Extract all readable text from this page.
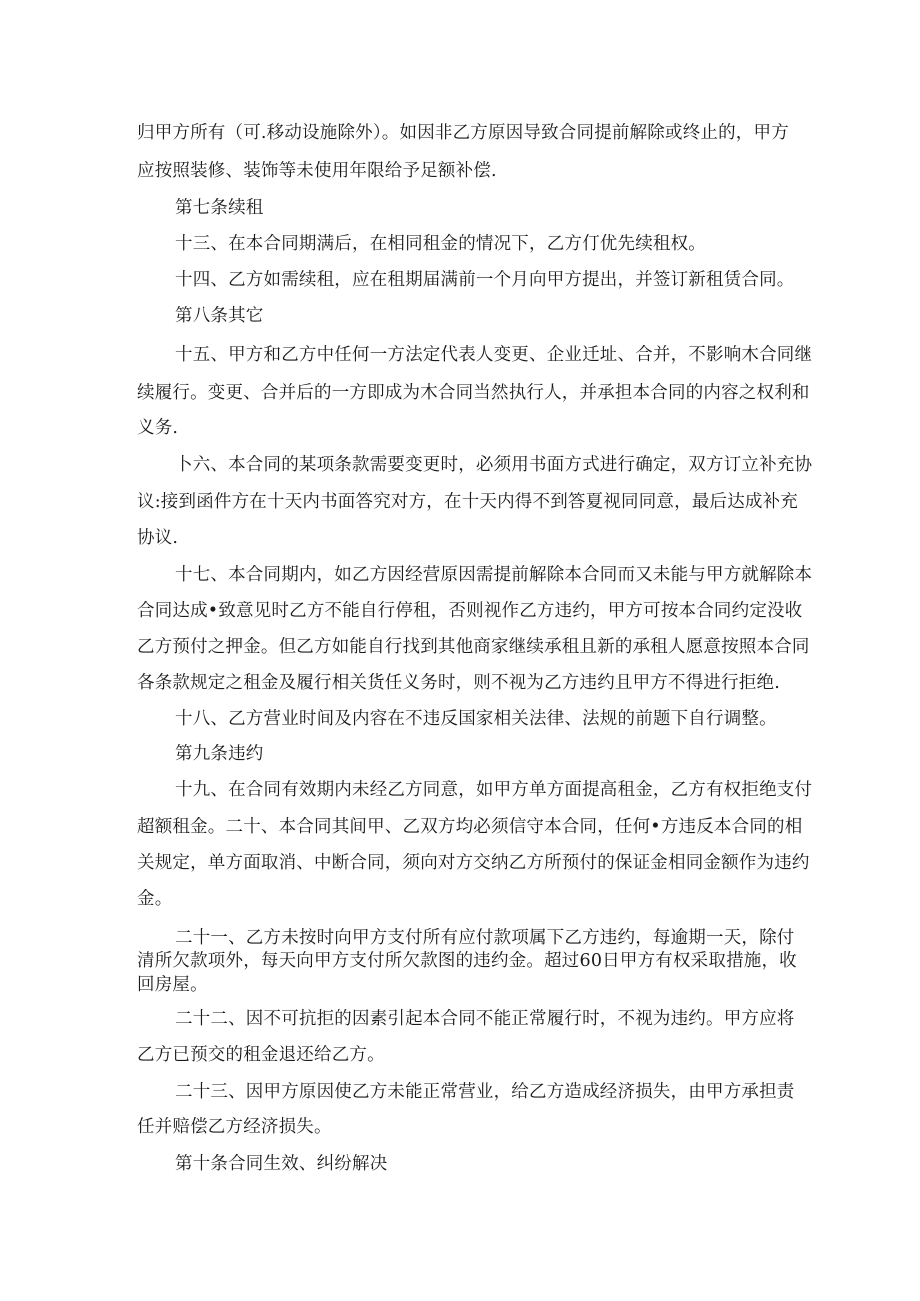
归甲方所有（可.移动设施除外）。如因非乙方原因导致合同提前解除或终止的，甲方

应按照装修、装饰等未使用年限给予足额补偿.

第七条续租

十三、在本合同期满后，在相同租金的情况下，乙方仃优先续租权。

十四、乙方如需续租，应在租期届满前一个月向甲方提出，并签订新租赁合同。

第八条其它

十五、甲方和乙方中任何一方法定代表人变更、企业迁址、合并，不影响木合同继

续履行。变更、合并后的一方即成为木合同当然执行人，并承担本合同的内容之权利和

义务.

卜六、本合同的某项条款需要变更时，必须用书面方式进行确定，双方订立补充协

议:接到函件方在十天内书面答究对方，在十天内得不到答夏视同同意，最后达成补充

协议.

十七、本合同期内，如乙方因经营原因需提前解除本合同而又未能与甲方就解除本

合同达成•致意见时乙方不能自行停租，否则视作乙方违约，甲方可按本合同约定没收

乙方预付之押金。但乙方如能自行找到其他商家继续承租且新的承租人愿意按照本合同

各条款规定之租金及履行相关货任义务时，则不视为乙方违约且甲方不得进行拒绝.

十八、乙方营业时间及内容在不违反国家相关法律、法规的前题下自行调整。

第九条违约

十九、在合同有效期内未经乙方同意，如甲方单方面提高租金，乙方有权拒绝支付

超额租金。二十、本合同其间甲、乙双方均必须信守本合同，任何•方违反本合同的相

关规定，单方面取消、中断合同，须向对方交纳乙方所预付的保证金相同金额作为违约

金。

二十一、乙方未按时向甲方支付所有应付款项属下乙方违约，每逾期一天，除付

清所欠款项外，每天向甲方支付所欠款图的违约金。超过60日甲方有权采取措施，收

回房屋。

二十二、因不可抗拒的因素引起本合同不能正常履行时，不视为违约。甲方应将

乙方已预交的租金退还给乙方。

二十三、因甲方原因使乙方未能正常营业，给乙方造成经济损失，由甲方承担责

任并赔偿乙方经济损失。

第十条合同生效、纠纷解决
